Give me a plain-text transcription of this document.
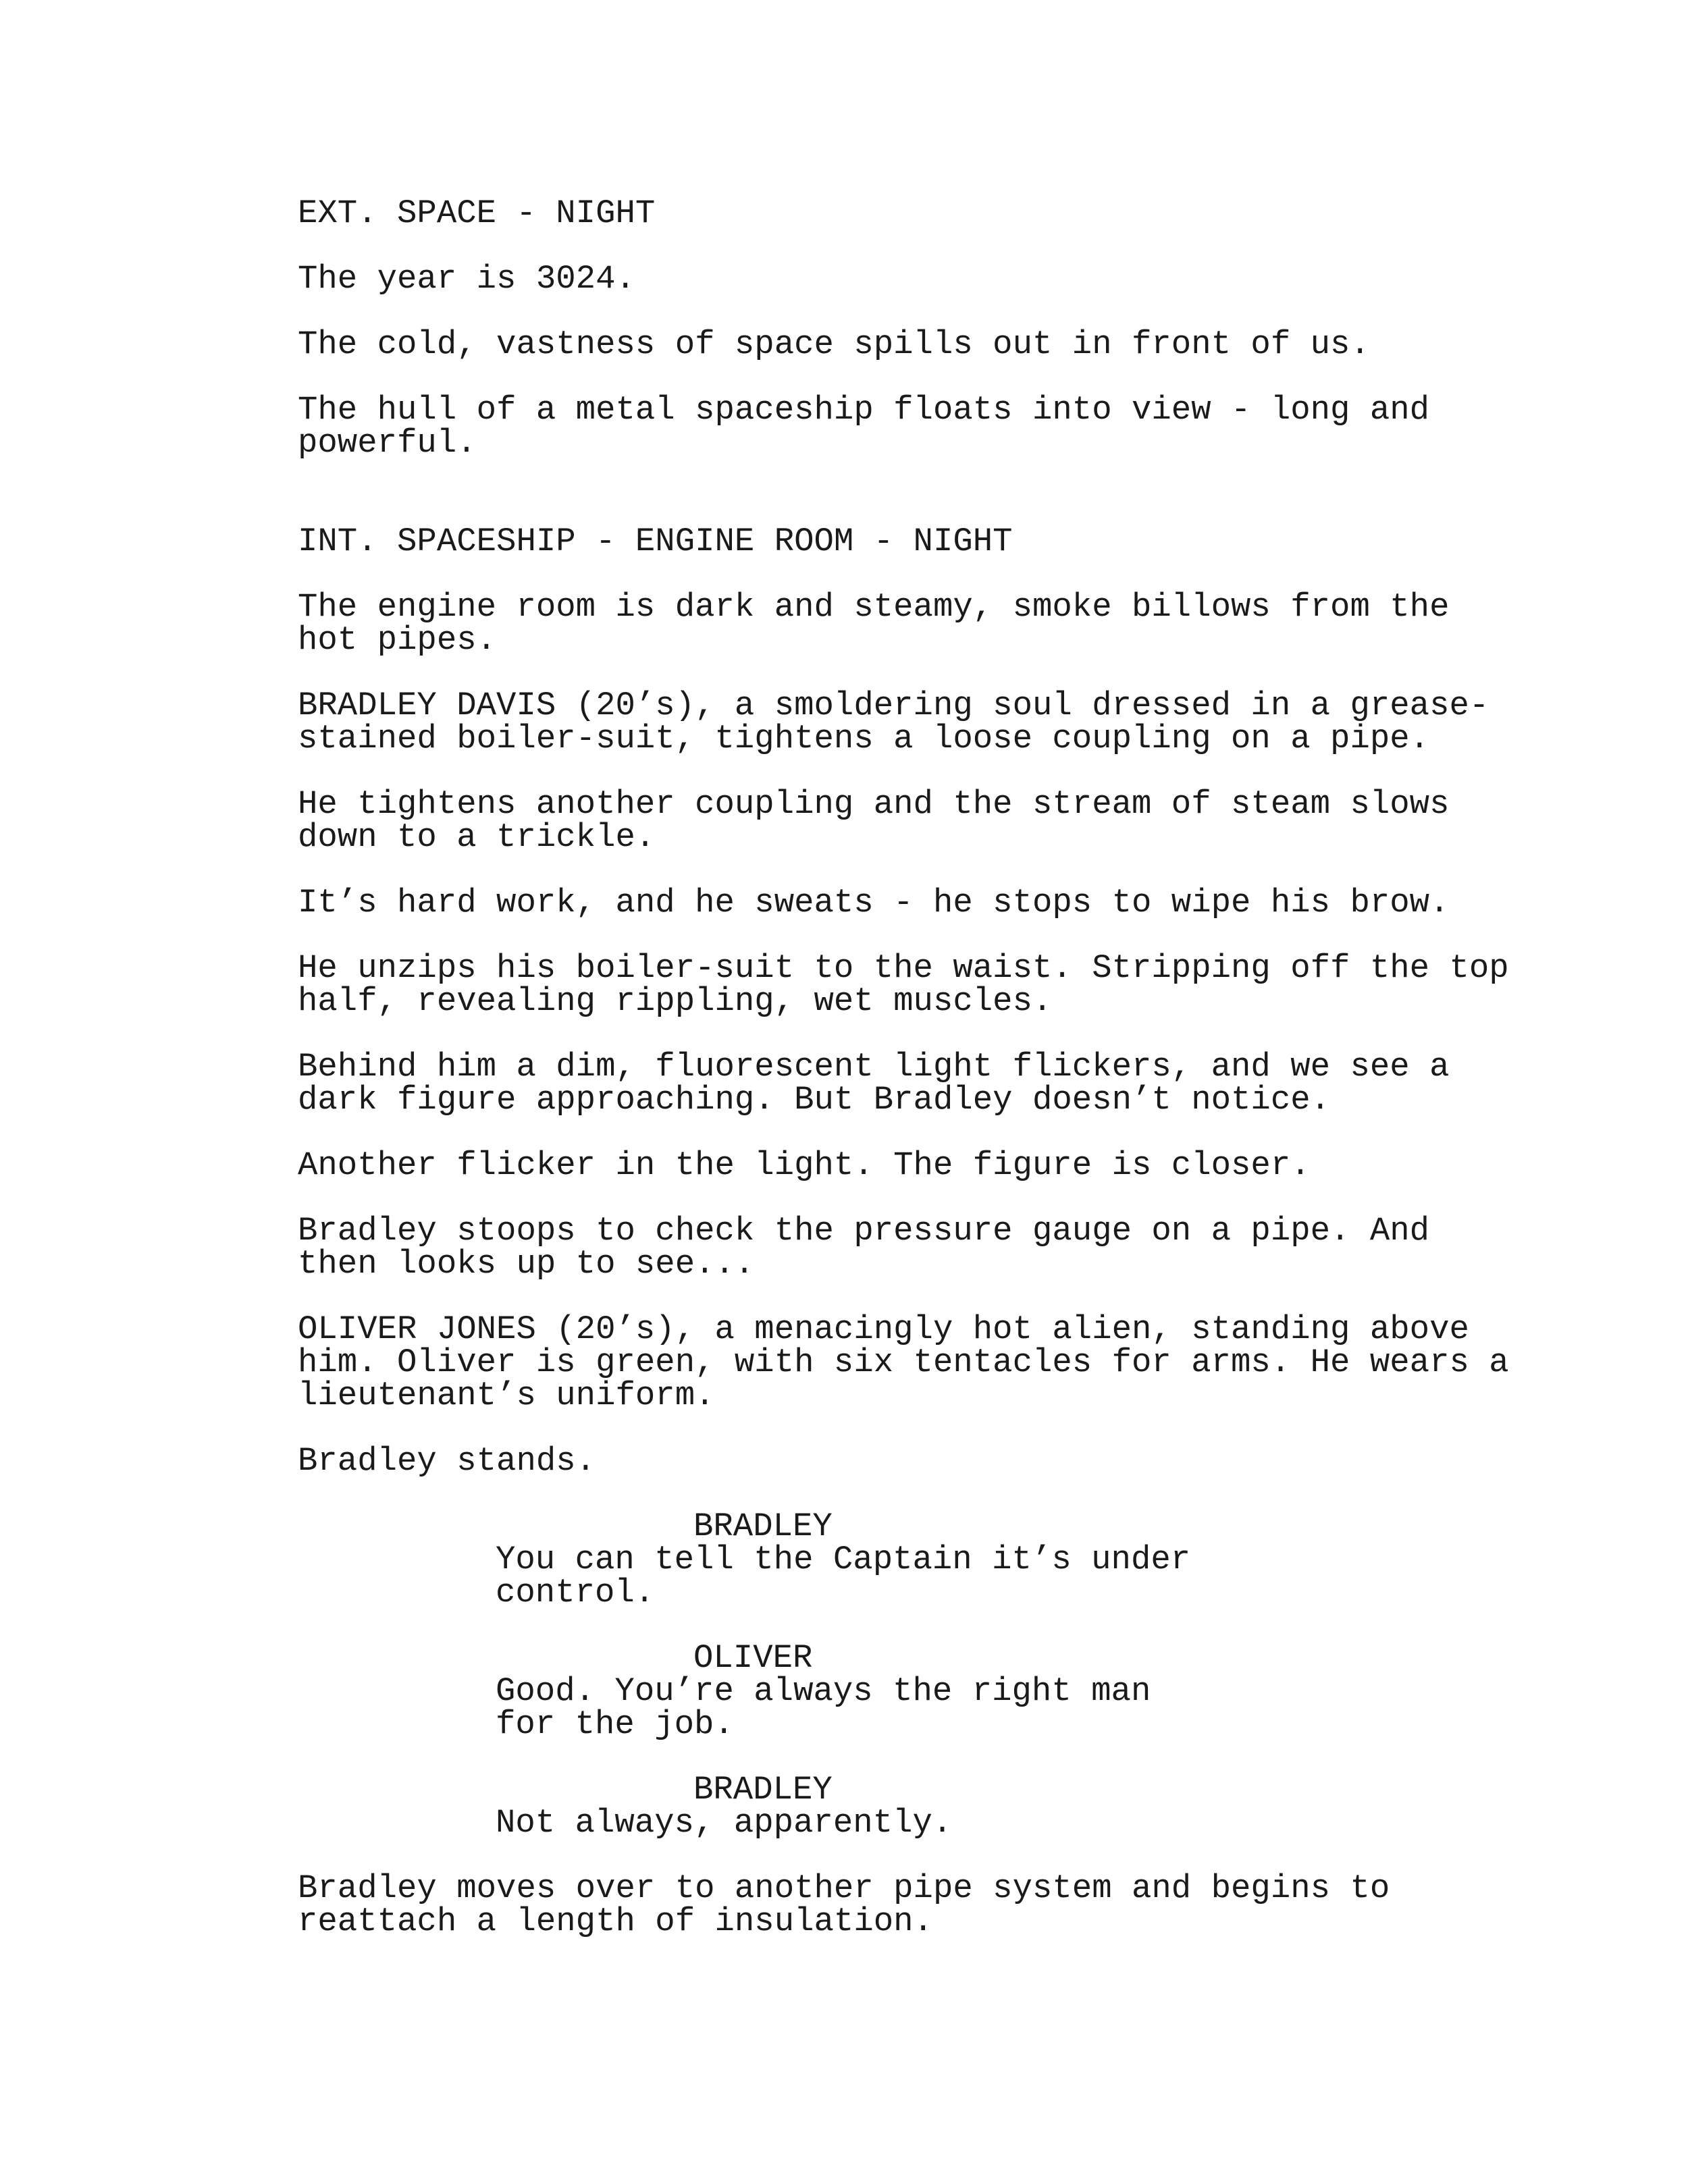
EXT. SPACE - NIGHT

The year is 3024.

The cold, vastness of space spills out in front of us.

The hull of a metal spaceship floats into view - long and
powerful.

INT. SPACESHIP - ENGINE ROOM - NIGHT

The engine room is dark and steamy, smoke billows from the
hot pipes.

BRADLEY DAVIS (20’s), a smoldering soul dressed in a grease-
stained boiler-suit, tightens a loose coupling on a pipe.

He tightens another coupling and the stream of steam slows
down to a trickle.

It’s hard work, and he sweats - he stops to wipe his brow.

He unzips his boiler-suit to the waist. Stripping off the top
half, revealing rippling, wet muscles.

Behind him a dim, fluorescent light flickers, and we see a
dark figure approaching. But Bradley doesn’t notice.

Another flicker in the light. The figure is closer.

Bradley stoops to check the pressure gauge on a pipe. And
then looks up to see...

OLIVER JONES (20’s), a menacingly hot alien, standing above
him. Oliver is green, with six tentacles for arms. He wears a
lieutenant’s uniform.

Bradley stands.

BRADLEY

You can tell the Captain it’s under
control.

OLIVER

Good. You’re always the right man
for the job.

BRADLEY

Not always, apparently.

Bradley moves over to another pipe system and begins to
reattach a length of insulation.
